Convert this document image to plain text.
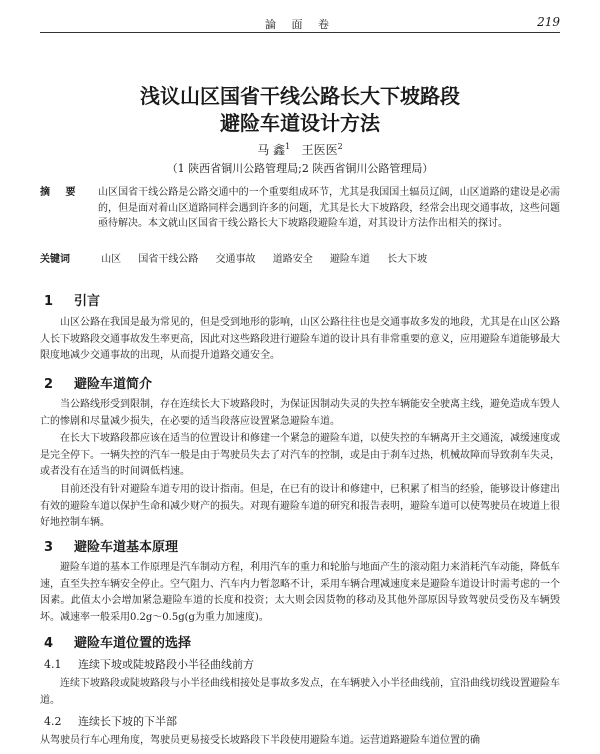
論 面 卷	219
浅议山区国省干线公路长大下坡路段
避险车道设计方法
马 鑫$^1$ 王医医$^2$
（1 陕西省铜川公路管理局;2 陕西省铜川公路管理局）
摘 要 山区国省干线公路是公路交通中的一个重要组成环节，尤其是我国国土辐员辽阔，山区道路的建设是必需的，但是面对着山区道路同样会遇到许多的问题，尤其是长大下坡路段，经常会出现交通事故，这些问题亟待解决。本文就山区国省干线公路长大下坡路段避险车道，对其设计方法作出相关的探讨。
关键词	山区 国省干线公路 交通事故 道路安全 避险车道 长大下坡
1 引言

山区公路在我国是最为常见的，但是受到地形的影响，山区公路往往也是交通事故多发的地段，尤其是在山区公路人长下坡路段交通事故发生率更高，因此对这些路段进行避险车道的设计具有非常重要的意义，应用避险车道能够最大限度地减少交通事故的出现，从而提升道路交通安全。

2 避险车道简介

当公路线形受到限制，存在连续长大下坡路段时，为保证因制动失灵的失控车辆能安全驶离主线，避免造成车毁人亡的惨剧和尽量减少损失，在必要的适当段落应设置紧急避险车道。

在长大下坡路段都应该在适当的位置设计和修建一个紧急的避险车道，以使失控的车辆离开主交通流，减缓速度或是完全停下。一辆失控的汽车一般是由于驾驶员失去了对汽车的控制，或是由于刹车过热，机械故障而导致刹车失灵，或者没有在适当的时间调低档速。

目前还没有针对避险车道专用的设计指南。但是，在已有的设计和修建中，已积累了相当的经验，能够设计修建出有效的避险车道以保护生命和减少财产的损失。对现有避险车道的研究和报告表明，避险车道可以使驾驶员在坡道上很好地控制车辆。

3 避险车道基本原理

避险车道的基本工作原理是汽车制动方程，利用汽车的重力和轮胎与地面产生的滚动阻力来消耗汽车动能，降低车速，直至失控车辆安全停止。空气阻力、汽车内力暂忽略不计，采用车辆合理减速度来是避险车道设计时需考虑的一个因素。此值太小会增加紧急避险车道的长度和投资；太大则会因货物的移动及其他外部原因导致驾驶员受伤及车辆毁坏。减速率一般采用0.2g～0.5g(g为重力加速度)。

4 避险车道位置的选择
4.1 连续下坡或陡坡路段小半径曲线前方

连续下坡路段或陡坡路段与小半径曲线相接处是事故多发点，在车辆驶入小半径曲线前，宜沿曲线切线设置避险车道。

4.2 连续长下坡的下半部

从驾驶员行车心理角度，驾驶员更易接受长坡路段下半段使用避险车道。运营道路避险车道位置的确
